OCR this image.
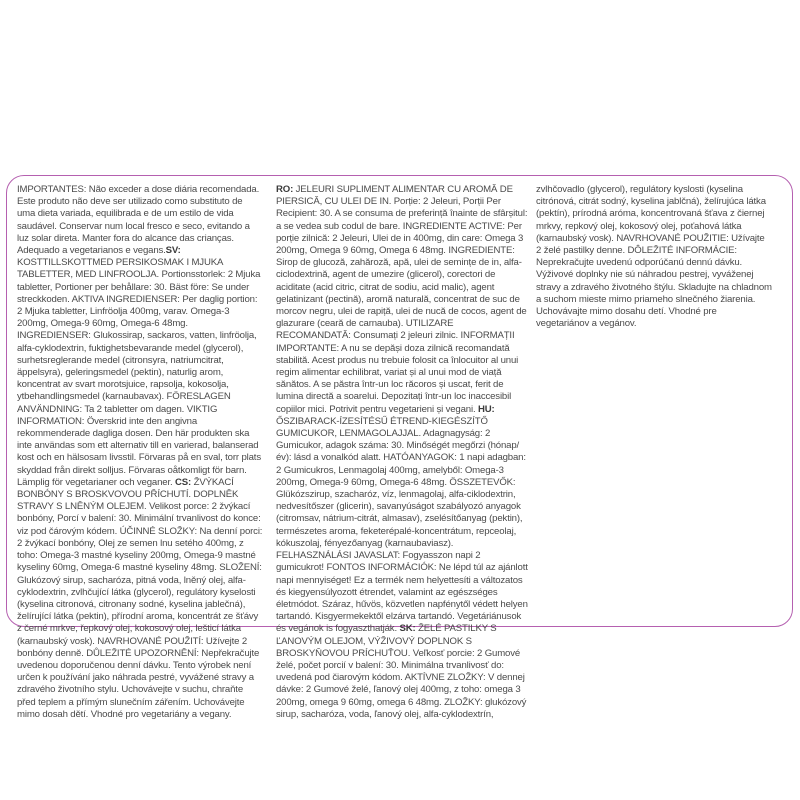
IMPORTANTES: Não exceder a dose diária recomendada. Este produto não deve ser utilizado como substituto de uma dieta variada, equilibrada e de um estilo de vida saudável. Conservar num local fresco e seco, evitando a luz solar direta. Manter fora do alcance das crianças. Adequado a vegetarianos e vegans.SV: KOSTTILLSKOTTMED PERSIKOSMAK I MJUKA TABLETTER, MED LINFROOLJA. Portionsstorlek: 2 Mjuka tabletter, Portioner per behållare: 30. Bäst före: Se under streckkoden. AKTIVA INGREDIENSER: Per daglig portion: 2 Mjuka tabletter, Linfröolja 400mg, varav. Omega-3 200mg, Omega-9 60mg, Omega-6 48mg. INGREDIENSER: Glukossirap, sackaros, vatten, linfröolja, alfa-cyklodextrin, fuktighetsbevarande medel (glycerol), surhetsreglerande medel (citronsyra, natriumcitrat, äppelsyra), geleringsmedel (pektin), naturlig arom, koncentrat av svart morotsjuice, rapsolja, kokosolja, ytbehandlingsmedel (karnaubavax). FÖRESLAGEN ANVÄNDNING: Ta 2 tabletter om dagen. VIKTIG INFORMATION: Överskrid inte den angivna rekommenderade dagliga dosen. Den här produkten ska inte användas som ett alternativ till en varierad, balanserad kost och en hälsosam livsstil. Förvaras på en sval, torr plats skyddad från direkt solljus. Förvaras oåtkomligt för barn. Lämplig för vegetarianer och veganer. CS: ŽVÝKACÍ BONBÓNY S BROSKVOVOU PŘÍCHUTÍ. DOPLNĚK STRAVY S LNĚNÝM OLEJEM. Velikost porce: 2 žvýkací bonbóny, Porcí v balení: 30. Minimální trvanlivost do konce: viz pod čárovým kódem. ÚČINNÉ SLOŽKY: Na denní porci: 2 žvýkací bonbóny, Olej ze semen lnu setého 400mg, z toho: Omega-3 mastné kyseliny 200mg, Omega-9 mastné kyseliny 60mg, Omega-6 mastné kyseliny 48mg. SLOŽENÍ: Glukózový sirup, sacharóza, pitná voda, lněný olej, alfa-cyklodextrin, zvlhčující látka (glycerol), regulátory kyselosti (kyselina citronová, citronany sodné, kyselina jablečná), želírující látka (pektin), přírodní aroma, koncentrát ze šťávy z černé mrkve, řepkový olej, kokosový olej, lešticí látka (karnaubský vosk). NAVRHOVANÉ POUŽITÍ: Užívejte 2 bonbóny denně. DŮLEŽITÉ UPOZORNĚNÍ: Nepřekračujte uvedenou doporučenou denní dávku. Tento výrobek není určen k používání jako náhrada pestré, vyvážené stravy a zdravého životního stylu. Uchovávejte v suchu, chraňte před teplem a přímým slunečním zářením. Uchovávejte mimo dosah dětí. Vhodné pro vegetariány a vegany.
RO: JELEURI SUPLIMENT ALIMENTAR CU AROMĂ DE PIERSICĂ, CU ULEI DE IN. Porție: 2 Jeleuri, Porții Per Recipient: 30. A se consuma de preferință înainte de sfârșitul: a se vedea sub codul de bare. INGREDIENTE ACTIVE: Per porție zilnică: 2 Jeleuri, Ulei de in 400mg, din care: Omega 3 200mg, Omega 9 60mg, Omega 6 48mg. INGREDIENTE: Sirop de glucoză, zahăroză, apă, ulei de semințe de in, alfa-ciclodextrină, agent de umezire (glicerol), corectori de aciditate (acid citric, citrat de sodiu, acid malic), agent gelatinizant (pectină), aromă naturală, concentrat de suc de morcov negru, ulei de rapiță, ulei de nucă de cocos, agent de glazurare (ceară de carnauba). UTILIZARE RECOMANDATĂ: Consumați 2 jeleuri zilnic. INFORMAȚII IMPORTANTE: A nu se depăși doza zilnică recomandată stabilită. Acest produs nu trebuie folosit ca înlocuitor al unui regim alimentar echilibrat, variat și al unui mod de viață sănătos. A se păstra într-un loc răcoros și uscat, ferit de lumina directă a soarelui. Depozitați într-un loc inaccesibil copiilor mici. Potrivit pentru vegetarieni și vegani. HU: ŐSZIBARACK-ÍZESÍTÉSŰ ÉTREND-KIEGÉSZÍTŐ GUMICUKOR, LENMAGOLAJJAL. Adagnagyság: 2 Gumicukor, adagok száma: 30. Minőségét megőrzi (hónap/év): lásd a vonalkód alatt. HATÓANYAGOK: 1 napi adagban: 2 Gumicukros, Lenmagolaj 400mg, amelyből: Omega-3 200mg, Omega-9 60mg, Omega-6 48mg. ÖSSZETEVŐK: Glükózszirup, szacharóz, víz, lenmagolaj, alfa-ciklodextrin, nedvesítőszer (glicerin), savanyúságot szabályozó anyagok (citromsav, nátrium-citrát, almasav), zselésítőanyag (pektin), természetes aroma, feketerépalé-koncentrátum, repceolaj, kókuszolaj, fényezőanyag (karnaubaviasz). FELHASZNÁLÁSI JAVASLAT: Fogyasszon napi 2 gumicukrot! FONTOS INFORMÁCIÓK: Ne lépd túl az ajánlott napi mennyiséget! Ez a termék nem helyettesíti a változatos és kiegyensúlyozott étrendet, valamint az egészséges életmódot. Száraz, hűvös, közvetlen napfénytől védett helyen tartandó. Kisgyermekektől elzárva tartandó. Vegetáriánusok és vegánok is fogyaszthatják. SK: ŽELÉ PASTILKY S ĽANOVÝM OLEJOM, VÝŽIVOVÝ DOPLNOK S BROSKYŇOVOU PRÍCHUŤOU. Veľkosť porcie: 2 Gumové želé, počet porcií v balení: 30. Minimálna trvanlivosť do: uvedená pod čiarovým kódom. AKTÍVNE ZLOŽKY: V dennej dávke: 2 Gumové želé, ľanový olej 400mg, z toho: omega 3 200mg, omega 9 60mg, omega 6 48mg. ZLOŽKY: glukózový sirup, sacharóza, voda, ľanový olej, alfa-cyklodextrín,
zvlhčovadlo (glycerol), regulátory kyslosti (kyselina citrónová, citrát sodný, kyselina jablčná), želírujúca látka (pektín), prírodná aróma, koncentrovaná šťava z čiernej mrkvy, repkový olej, kokosový olej, poťahová látka (karnaubský vosk). NAVRHOVANÉ POUŽITIE: Užívajte 2 želé pastilky denne. DÔLEŽITÉ INFORMÁCIE: Neprekračujte uvedenú odporúčanú dennú dávku. Výživové doplnky nie sú náhradou pestrej, vyváženej stravy a zdravého životného štýlu. Skladujte na chladnom a suchom mieste mimo priameho slnečného žiarenia. Uchovávajte mimo dosahu detí. Vhodné pre vegetariánov a vegánov.
